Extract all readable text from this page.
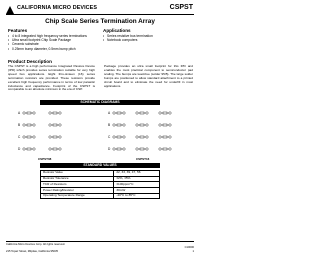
CALIFORNIA MICRO DEVICES	CSPST
Chip Scale Series Termination Array
Features
• 4 to 8 integrated high frequency series terminations
• Ultra small footprint Chip Scale Package
• Ceramic substrate
• 0.25mm bump diameter, 0.5mm bump pitch
Applications
• Series resistive bus termination
• Notebook computers
Product Description
The CSPST is a high performance Integrated Passive Device (IPD) which provides series termination suitable for very high speed bus applications. Eight thru-sixteen (16) series termination resistors are provided. These resistors provide excellent high frequency performance in terms of low parasitic inductance and capacitance. Footprint of the CSPST is comparable to an absolute minimum in the era of CSP.
Package provides an ultra small footprint for this IPD and enables the most practical component to semiconductor pad scaling. The bumps are lead-free (solder 95/5). The large solder bumps are positioned to allow standard attachment to a printed circuit board and to eliminate the need for underfill in most applications.
SCHEMATIC DIAGRAMS
A
B
C
D
A
B
C
D
CSPST08	CSPST16
STANDARD VALUES
Resistor Value	22, 33, 39, 47, 56
Resistor Tolerance	±2%, ±5%
TCR of Resistors	±100ppm/°C
Power Rating/Resistor	30mW
Operating Temperature Range	-40°C to 85°C
California Micro Devices Corp. All rights reserved.
215 Topaz Street, Milpitas, California 95035
C10000
1
